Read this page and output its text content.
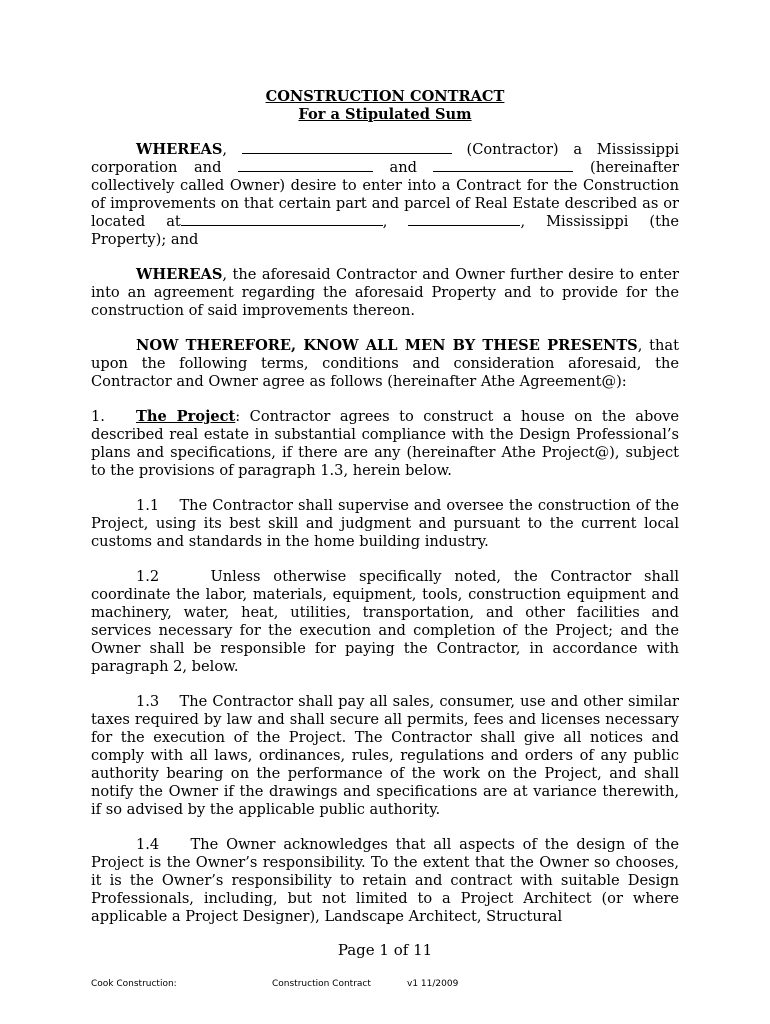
CONSTRUCTION CONTRACT

For a Stipulated Sum

WHEREAS,	(Contractor) a Mississippi corporation and	and	(hereinafter collectively called Owner) desire to enter into a Contract for the Construction of improvements on that certain part and parcel of Real Estate described as or located at	,	, Mississippi (the Property); and

WHEREAS, the aforesaid Contractor and Owner further desire to enter into an agreement regarding the aforesaid Property and to provide for the construction of said improvements thereon.

NOW THEREFORE, KNOW ALL MEN BY THESE PRESENTS, that upon the following terms, conditions and consideration aforesaid, the Contractor and Owner agree as follows (hereinafter Athe Agreement@):

1. The Project: Contractor agrees to construct a house on the above described real estate in substantial compliance with the Design Professional’s plans and specifications, if there are any (hereinafter Athe Project@), subject to the provisions of paragraph 1.3, herein below.

1.1 The Contractor shall supervise and oversee the construction of the Project, using its best skill and judgment and pursuant to the current local customs and standards in the home building industry.

1.2	Unless otherwise specifically noted, the Contractor shall coordinate the labor, materials, equipment, tools, construction equipment and machinery, water, heat, utilities, transportation, and other facilities and services necessary for the execution and completion of the Project; and the Owner shall be responsible for paying the Contractor, in accordance with paragraph 2, below.

1.3 The Contractor shall pay all sales, consumer, use and other similar taxes required by law and shall secure all permits, fees and licenses necessary for the execution of the Project. The Contractor shall give all notices and comply with all laws, ordinances, rules, regulations and orders of any public authority bearing on the performance of the work on the Project, and shall notify the Owner if the drawings and specifications are at variance therewith, if so advised by the applicable public authority.

1.4 The Owner acknowledges that all aspects of the design of the Project is the Owner’s responsibility. To the extent that the Owner so chooses, it is the Owner’s responsibility to retain and contract with suitable Design Professionals, including, but not limited to a Project Architect (or where applicable a Project Designer), Landscape Architect, Structural

Page 1 of 11
Cook Construction:	Construction Contract	v1 11/2009
